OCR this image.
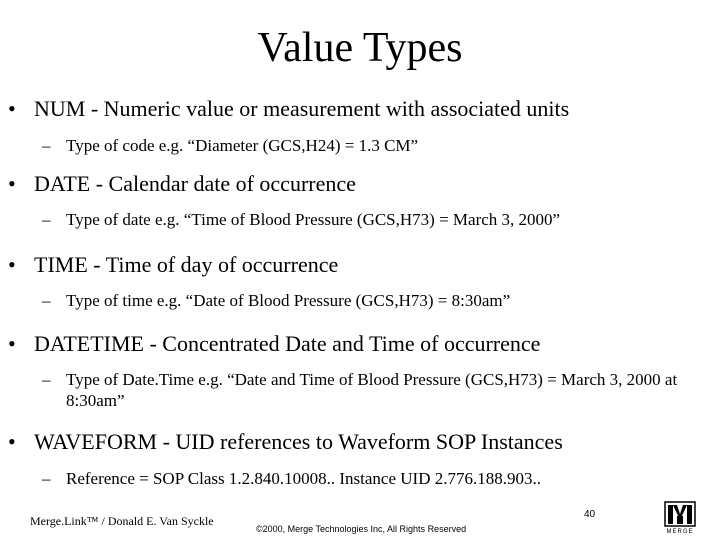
Value Types
• NUM - Numeric value or measurement with associated units
– Type of code e.g. “Diameter (GCS,H24) = 1.3 CM”
• DATE - Calendar date of occurrence
– Type of date e.g. “Time of Blood Pressure (GCS,H73) = March 3, 2000”
• TIME - Time of day of occurrence
– Type of time e.g. “Date of Blood Pressure (GCS,H73) = 8:30am”
• DATETIME - Concentrated Date and Time of occurrence
– Type of Date.Time e.g. “Date and Time of Blood Pressure (GCS,H73) = March 3, 2000 at 8:30am”
• WAVEFORM - UID references to Waveform SOP Instances
– Reference = SOP Class 1.2.840.10008.. Instance UID 2.776.188.903..
Merge.Link™ / Donald E. Van Syckle
©2000, Merge Technologies Inc, All Rights Reserved
40
MERGE
